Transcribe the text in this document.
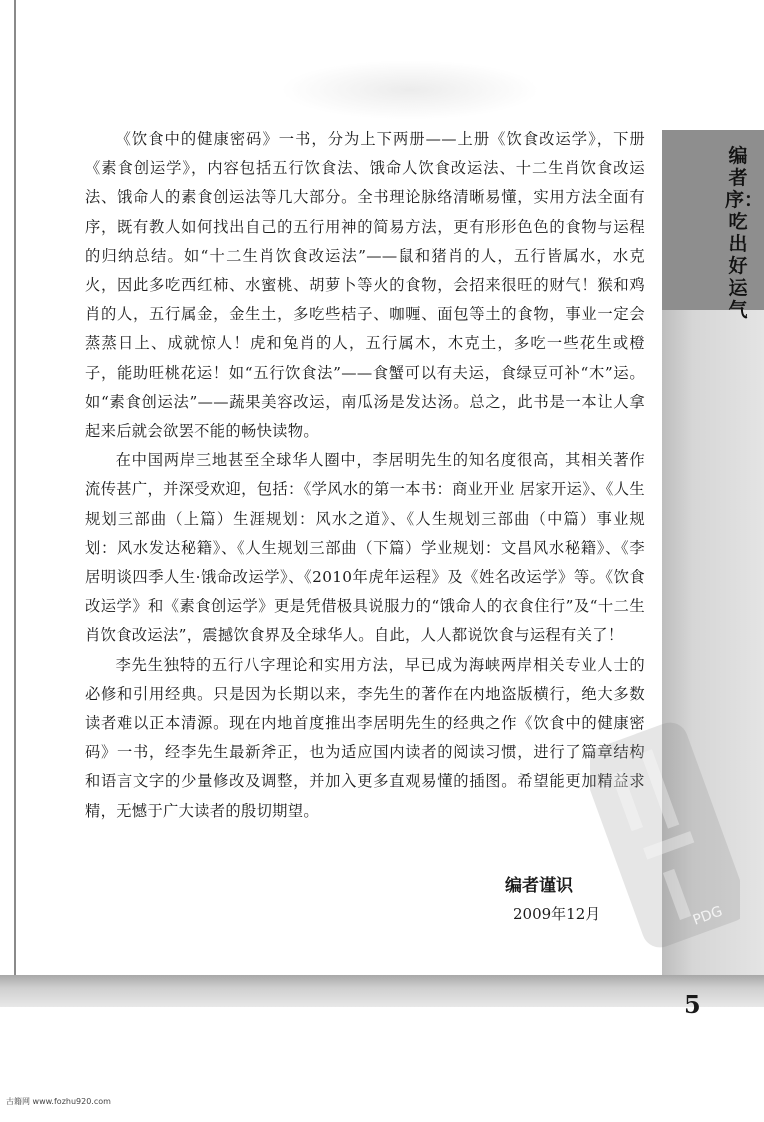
编者序：吃出好运气

《饮食中的健康密码》一书，分为上下两册——上册《饮食改运学》，下册《素食创运学》，内容包括五行饮食法、饿命人饮食改运法、十二生肖饮食改运法、饿命人的素食创运法等几大部分。全书理论脉络清晰易懂，实用方法全面有序，既有教人如何找出自己的五行用神的简易方法，更有形形色色的食物与运程的归纳总结。如“十二生肖饮食改运法”——鼠和猪肖的人，五行皆属水，水克火，因此多吃西红柿、水蜜桃、胡萝卜等火的食物，会招来很旺的财气！猴和鸡肖的人，五行属金，金生土，多吃些桔子、咖喱、面包等土的食物，事业一定会蒸蒸日上、成就惊人！虎和兔肖的人，五行属木，木克土，多吃一些花生或橙子，能助旺桃花运！如“五行饮食法”——食蟹可以有夫运，食绿豆可补“木”运。如“素食创运法”——蔬果美容改运，南瓜汤是发达汤。总之，此书是一本让人拿起来后就会欲罢不能的畅快读物。

在中国两岸三地甚至全球华人圈中，李居明先生的知名度很高，其相关著作流传甚广，并深受欢迎，包括：《学风水的第一本书：商业开业 居家开运》、《人生规划三部曲（上篇）生涯规划：风水之道》、《人生规划三部曲（中篇）事业规划：风水发达秘籍》、《人生规划三部曲（下篇）学业规划：文昌风水秘籍》、《李居明谈四季人生·饿命改运学》、《2010年虎年运程》及《姓名改运学》等。《饮食改运学》和《素食创运学》更是凭借极具说服力的“饿命人的衣食住行”及“十二生肖饮食改运法”，震撼饮食界及全球华人。自此，人人都说饮食与运程有关了！

李先生独特的五行八字理论和实用方法，早已成为海峡两岸相关专业人士的必修和引用经典。只是因为长期以来，李先生的著作在内地盗版横行，绝大多数读者难以正本清源。现在内地首度推出李居明先生的经典之作《饮食中的健康密码》一书，经李先生最新斧正，也为适应国内读者的阅读习惯，进行了篇章结构和语言文字的少量修改及调整，并加入更多直观易懂的插图。希望能更加精益求精，无憾于广大读者的殷切期望。

编者谨识
2009年12月	PDG
5
古籍网 www.fozhu920.com
